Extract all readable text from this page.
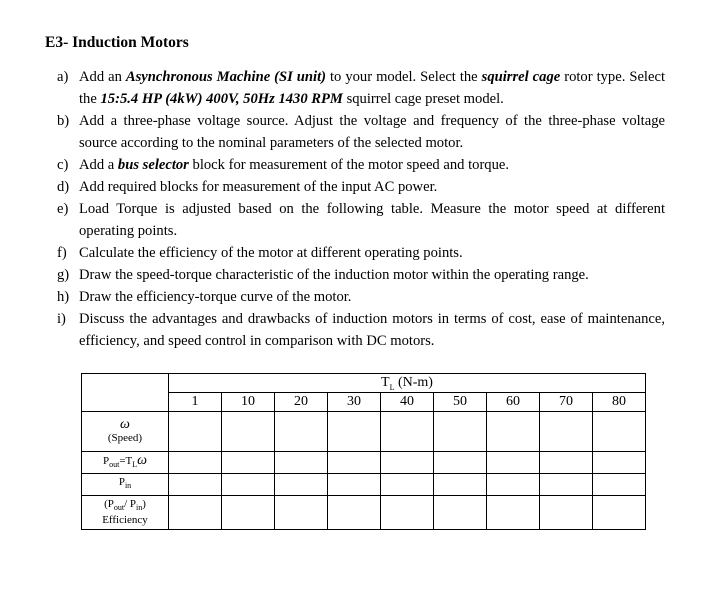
E3- Induction Motors
a) Add an Asynchronous Machine (SI unit) to your model. Select the squirrel cage rotor type. Select the 15:5.4 HP (4kW) 400V, 50Hz 1430 RPM squirrel cage preset model.
b) Add a three-phase voltage source. Adjust the voltage and frequency of the three-phase voltage source according to the nominal parameters of the selected motor.
c) Add a bus selector block for measurement of the motor speed and torque.
d) Add required blocks for measurement of the input AC power.
e) Load Torque is adjusted based on the following table. Measure the motor speed at different operating points.
f) Calculate the efficiency of the motor at different operating points.
g) Draw the speed-torque characteristic of the induction motor within the operating range.
h) Draw the efficiency-torque curve of the motor.
i) Discuss the advantages and drawbacks of induction motors in terms of cost, ease of maintenance, efficiency, and speed control in comparison with DC motors.
	$T_L$ (N-m)								
	1	10	20	30	40	50	60	70	80

ω
(Speed)									

$P_{out}=T_L\omega$									

$P_{in}$

($P_{out}/$ $P_{in}$)
Efficiency									
